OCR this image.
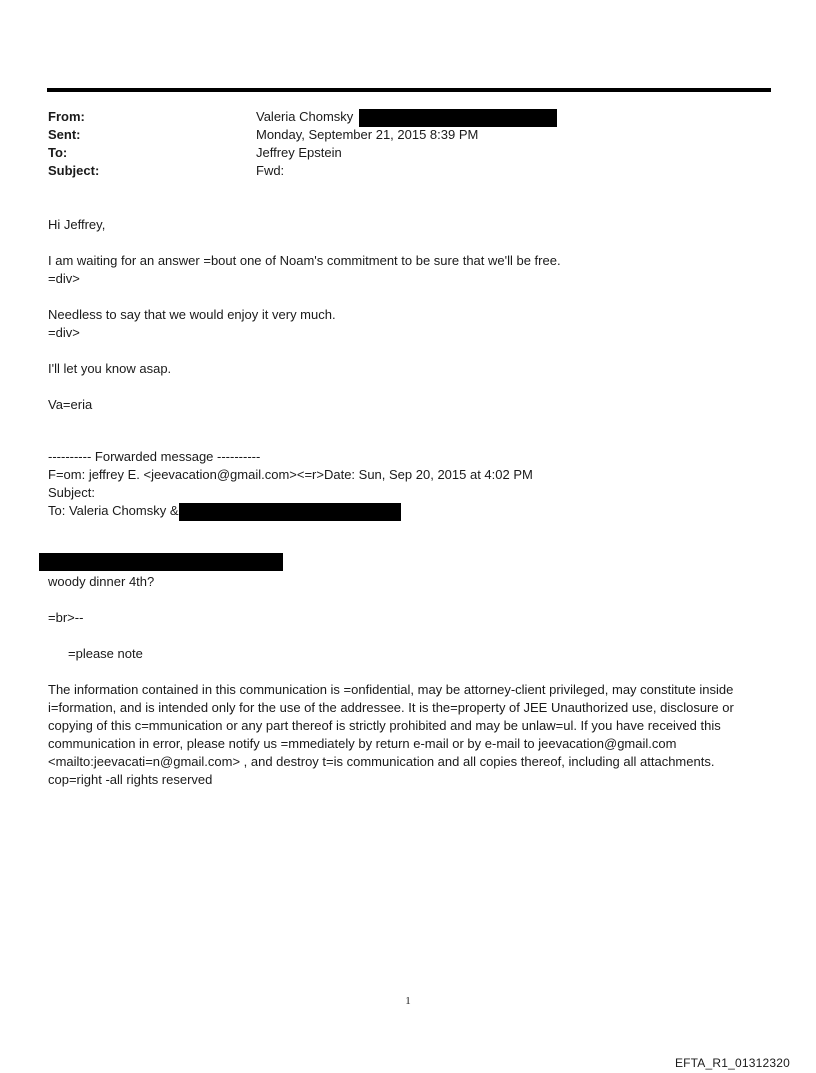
From:	Valeria Chomsky
Sent:	Monday, September 21, 2015 8:39 PM
To:	Jeffrey Epstein
Subject:	Fwd:

Hi Jeffrey,

I am waiting for an answer =bout one of Noam's commitment to be sure that we'll be free.

=div>

Needless to say that we would enjoy it very much.

=div>

I'll let you know asap.

Va=eria

---------- Forwarded message ----------

F=om: jeffrey E. <jeevacation@gmail.com><=r>Date: Sun, Sep 20, 2015 at 4:02 PM

Subject:

To: Valeria Chomsky &

woody dinner 4th?

=br>--

=please note

The information contained in this communication is =onfidential, may be attorney-client privileged, may constitute inside i=formation, and is intended only for the use of the addressee. It is the=property of JEE Unauthorized use, disclosure or copying of this c=mmunication or any part thereof is strictly prohibited and may be unlaw=ul. If you have received this communication in error, please notify us =mmediately by return e-mail or by e-mail to jeevacation@gmail.com <mailto:jeevacati=n@gmail.com> , and destroy t=is communication and all copies thereof, including all attachments. cop=right -all rights reserved

1
EFTA_R1_01312320
